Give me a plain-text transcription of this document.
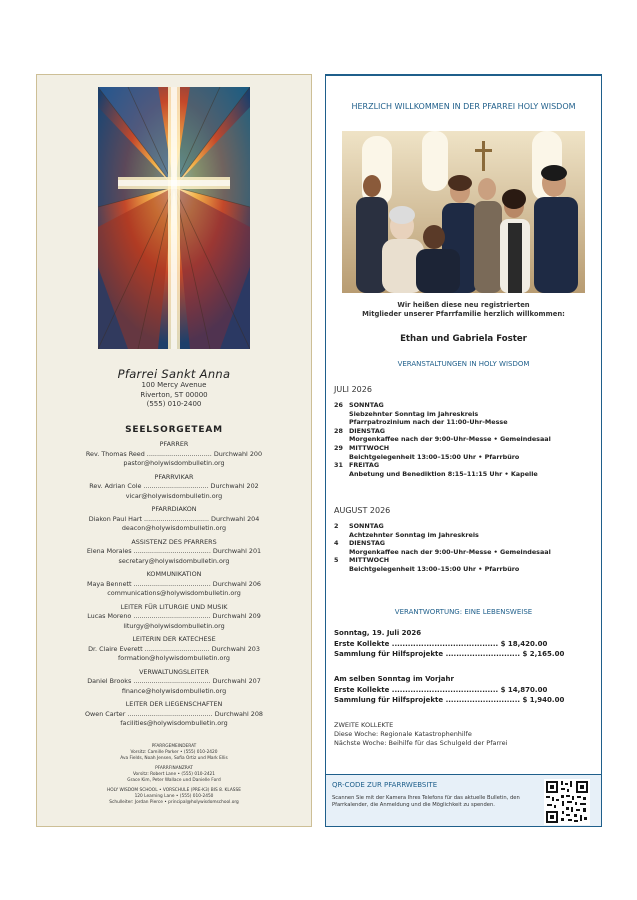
Pfarrei Sankt Anna
100 Mercy Avenue
Riverton, ST 00000
(555) 010-2400
SEELSORGETEAM
PFARRER
Rev. Thomas Reed ................................ Durchwahl 200
pastor@holywisdombulletin.org
PFARRVIKAR
Rev. Adrian Cole ................................ Durchwahl 202
vicar@holywisdombulletin.org
PFARRDIAKON
Diakon Paul Hart ................................ Durchwahl 204
deacon@holywisdombulletin.org
ASSISTENZ DES PFARRERS
Elena Morales ...................................... Durchwahl 201
secretary@holywisdombulletin.org
KOMMUNIKATION
Maya Bennett ...................................... Durchwahl 206
communications@holywisdombulletin.org
LEITER FÜR LITURGIE UND MUSIK
Lucas Moreno ...................................... Durchwahl 209
liturgy@holywisdombulletin.org
LEITERIN DER KATECHESE
Dr. Claire Everett ................................ Durchwahl 203
formation@holywisdombulletin.org
VERWALTUNGSLEITER
Daniel Brooks ...................................... Durchwahl 207
finance@holywisdombulletin.org
LEITER DER LIEGENSCHAFTEN
Owen Carter .......................................... Durchwahl 208
facilities@holywisdombulletin.org
PFARRGEMEINDERAT
Vorsitz: Camille Parker • (555) 010-2420
Ava Fields, Noah Jensen, Sofia Ortiz und Mark Ellis
PFARRFINANZRAT
Vorsitz: Robert Lane • (555) 010-2421
Grace Kim, Peter Wallace und Danielle Ford
HOLY WISDOM SCHOOL • VORSCHULE (PRE-K3) BIS 8. KLASSE
120 Learning Lane • (555) 010-2450
Schulleiter: Jordan Pierce • principal@holywisdomschool.org
HERZLICH WILLKOMMEN IN DER PFARREI HOLY WISDOM
Wir heißen diese neu registrierten
Mitglieder unserer Pfarrfamilie herzlich willkommen:
Ethan und Gabriela Foster
VERANSTALTUNGEN IN HOLY WISDOM
JULI 2026
26 SONNTAG
Siebzehnter Sonntag im Jahreskreis
Pfarrpatrozinium nach der 11:00-Uhr-Messe
28 DIENSTAG
Morgenkaffee nach der 9:00-Uhr-Messe • Gemeindesaal
29 MITTWOCH
Beichtgelegenheit 13:00–15:00 Uhr • Pfarrbüro
31 FREITAG
Anbetung und Benediktion 8:15–11:15 Uhr • Kapelle
AUGUST 2026
2	SONNTAG
Achtzehnter Sonntag im Jahreskreis
4	DIENSTAG
Morgenkaffee nach der 9:00-Uhr-Messe • Gemeindesaal
5	MITTWOCH
Beichtgelegenheit 13:00–15:00 Uhr • Pfarrbüro
VERANTWORTUNG: EINE LEBENSWEISE
Sonntag, 19. Juli 2026
Erste Kollekte ........................................ $ 18,420.00
Sammlung für Hilfsprojekte ............................ $ 2,165.00
Am selben Sonntag im Vorjahr
Erste Kollekte ........................................ $ 14,870.00
Sammlung für Hilfsprojekte ............................ $ 1,940.00
ZWEITE KOLLEKTE
Diese Woche: Regionale Katastrophenhilfe
Nächste Woche: Beihilfe für das Schulgeld der Pfarrei
QR-CODE ZUR PFARRWEBSITE
Scannen Sie mit der Kamera Ihres Telefons für das aktuelle Bulletin, den Pfarrkalender, die Anmeldung und die Möglichkeit zu spenden.
